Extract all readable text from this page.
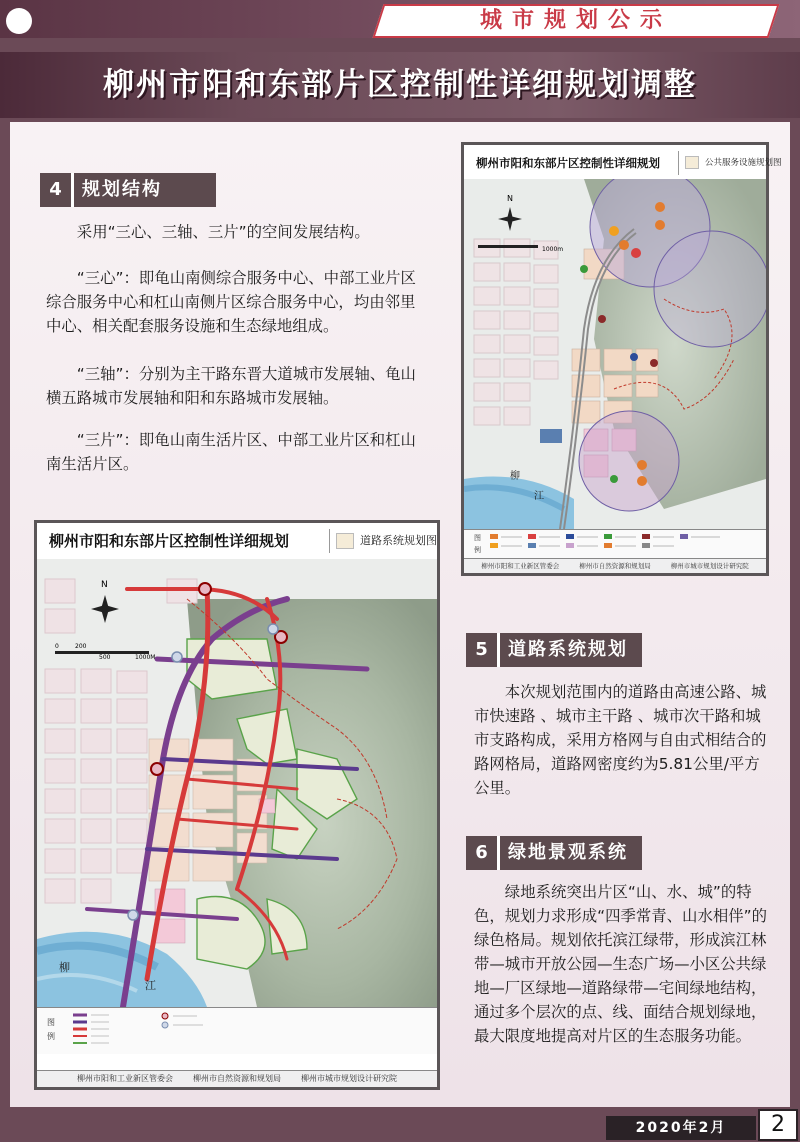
城市规划公示
柳州市阳和东部片区控制性详细规划调整
4	规划结构

采用“三心、三轴、三片”的空间发展结构。

“三心”：即龟山南侧综合服务中心、中部工业片区综合服务中心和杠山南侧片区综合服务中心，均由邻里中心、相关配套服务设施和生态绿地组成。

“三轴”：分别为主干路东晋大道城市发展轴、龟山横五路城市发展轴和阳和东路城市发展轴。

“三片”：即龟山南生活片区、中部工业片区和杠山南生活片区。

柳州市阳和东部片区控制性详细规划	公共服务设施规划图
N
1000m
柳
江
图例
柳州市阳和工业新区管委会	柳州市自然资源和规划局	柳州市城市规划设计研究院
柳州市阳和东部片区控制性详细规划	道路系统规划图
N
0	200
500	1000M
柳
江
图例
柳州市阳和工业新区管委会	柳州市自然资源和规划局	柳州市城市规划设计研究院
5	道路系统规划

本次规划范围内的道路由高速公路、城市快速路 、城市主干路 、城市次干路和城市支路构成，采用方格网与自由式相结合的路网格局，道路网密度约为5.81公里/平方公里。

6	绿地景观系统

绿地系统突出片区“山、水、城”的特色，规划力求形成“四季常青、山水相伴”的绿色格局。规划依托滨江绿带，形成滨江林带—城市开放公园—生态广场—小区公共绿地—厂区绿地—道路绿带—宅间绿地结构，通过多个层次的点、线、面结合规划绿地，最大限度地提高对片区的生态服务功能。

2020年2月	2
